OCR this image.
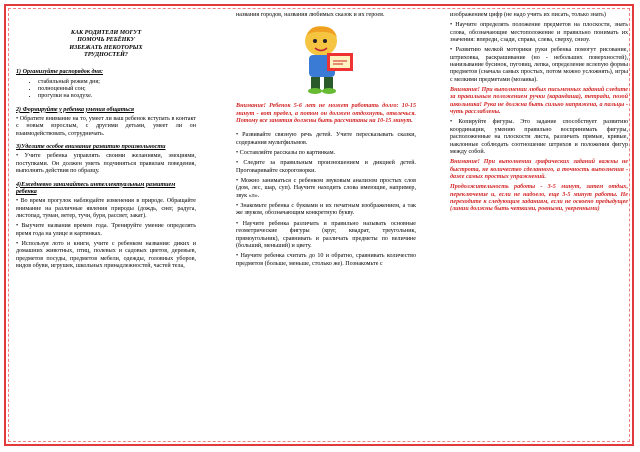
КАК РОДИТЕЛИ МОГУТ
ПОМОЧЬ РЕБЁНКУ
ИЗБЕЖАТЬ НЕКОТОРЫХ
ТРУДНОСТЕЙ?
1) Организуйте распорядок дня:
• стабильный режим дня;
• полноценный сон;
• прогулки на воздухе.
2) Формируйте у ребенка умения общаться

• Обратите внимание на то, умеет ли ваш ребенок вступать в контакт с новым взрослым, с другими детьми, умеет ли он взаимодействовать, сотрудничать.

3)Уделите особое внимание развитию произвольности

• Учите ребенка управлять своими желаниями, эмоциями, поступками. Он должен уметь подчиняться правилам поведения, выполнять действия по образцу.

4)Ежедневно занимайтесь интеллектуальным развитием ребенка

• Во время прогулок наблюдайте изменения в природе. Обращайте внимание на различные явления природы (дождь, снег, радуга, листопад, туман, ветер, тучи, буря, рассвет, закат).

• Выучите названия времен года. Тренируйте умение определять время года на улице и картинках.

• Используя лото и книги, учите с ребенком названия: диких и домашних животных, птиц, полевых и садовых цветов, деревьев, предметов посуды, предметов мебели, одежды, головных уборов, видов обуви, игрушек, школьных принадлежностей, частей тела,

названия городов, названия любимых сказок и их героев.

Внимание! Ребенок 5-6 лет не может работать долго: 10-15 минут - вот предел, а потом он должен отдохнуть, отвлечься. Потому все занятия должны быть рассчитаны на 10-15 минут.

• Развивайте связную речь детей. Учите пересказывать сказки, содержания мультфильмов.

• Составляйте рассказы по картинкам.

• Следите за правильным произношением и дикцией детей. Проговаривайте скороговорки.

• Можно заниматься с ребенком звуковым анализом простых слов (дом, лес, шар, суп). Научите находить слова имеющие, например, звук «л».

• Знакомьте ребенка с буквами и их печатным изображением, а так же звуком, обозначающим конкретную букву.

• Научите ребенка различать и правильно называть основные геометрические фигуры (круг, квадрат, треугольник, прямоугольник), сравнивать и различать предметы по величине (больший, меньший) и цвету.

• Научите ребенка считать до 10 и обратно, сравнивать количество предметов (больше, меньше, столько же). Познакомьте с

изображением цифр (не надо учить их писать, только знать)

• Научите определять положение предметов на плоскости, знать слова, обозначающие местоположение и правильно понимать их значения: впереди, сзади, справа, слева, сверху, снизу.

• Развитию мелкой моторики руки ребенка помогут рисование, штриховка, раскрашивание (но - небольших поверхностей), нанизывание бусинок, пуговиц, лепка, определение вслепую формы предметов (сначала самых простых, потом можно усложнять), игры с мелкими предметами (мозаика).

Внимание! При выполнении любых письменных заданий следите за правильным положением ручки (карандаша), тетради, позой школьника! Рука не должна быть сильно напряжена, а пальцы - чуть расслаблены.

• Копируйте фигуры. Это задание способствует развитию координации, умению правильно воспринимать фигуры, расположенные на плоскости листа, различать прямые, кривые, наклонные соблюдать соотношение штрихов и положения фигур между собой.

Внимание! При выполнении графических заданий важны не быстрота, не количество сделанного, а точность выполнения - даже самых простых упражнений.

Продолжительность работы - 3-5 минут, затем отдых, переключение и, если не надоело, еще 3-5 минут работы. Не переходите к следующим заданиям, если не освоено предыдущее (линии должны быть четкими, ровными, уверенными)
